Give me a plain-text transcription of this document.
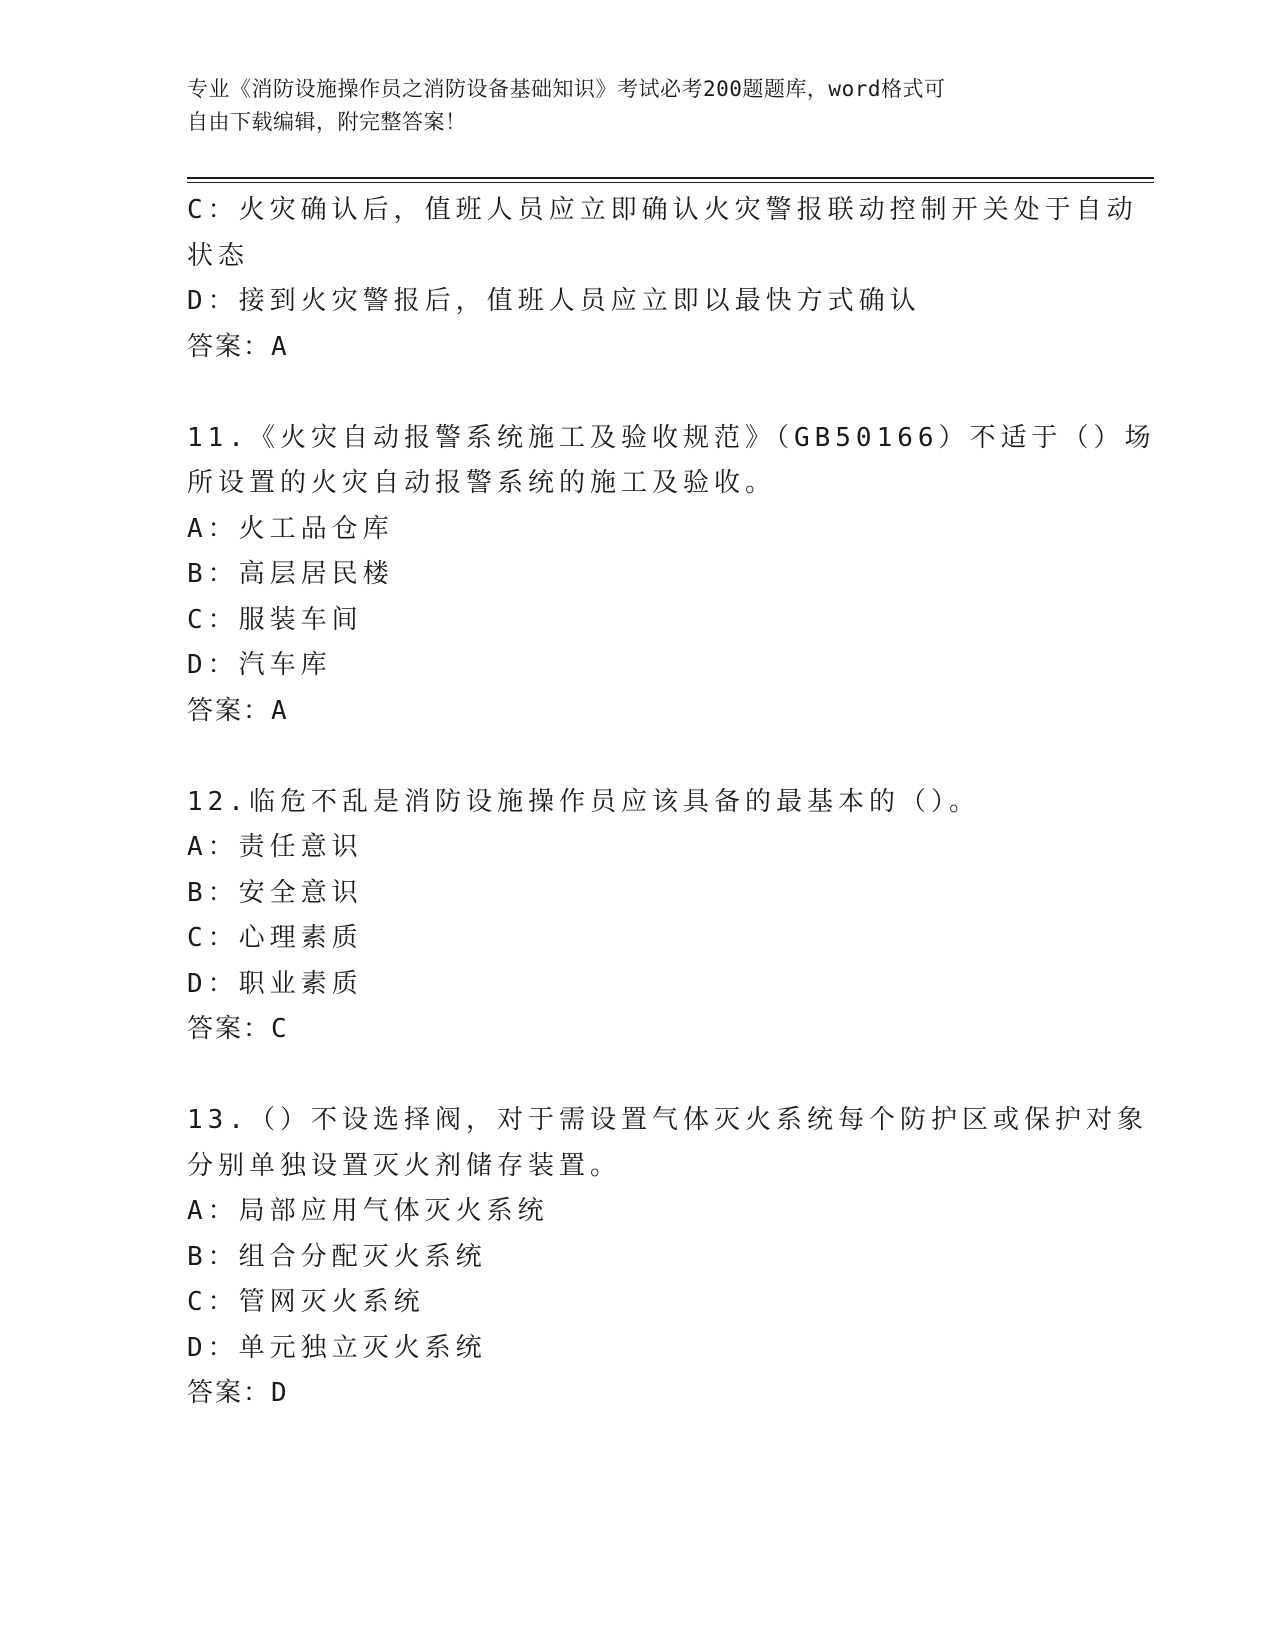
专业《消防设施操作员之消防设备基础知识》考试必考200题题库，word格式可
自由下载编辑，附完整答案！
C：火灾确认后，值班人员应立即确认火灾警报联动控制开关处于自动
状态
D：接到火灾警报后，值班人员应立即以最快方式确认
答案：A
11.《火灾自动报警系统施工及验收规范》（GB50166）不适于（）场
所设置的火灾自动报警系统的施工及验收。
A：火工品仓库
B：高层居民楼
C：服装车间
D：汽车库
答案：A
12.临危不乱是消防设施操作员应该具备的最基本的（）。
A：责任意识
B：安全意识
C：心理素质
D：职业素质
答案：C
13.（）不设选择阀，对于需设置气体灭火系统每个防护区或保护对象
分别单独设置灭火剂储存装置。
A：局部应用气体灭火系统
B：组合分配灭火系统
C：管网灭火系统
D：单元独立灭火系统
答案：D
